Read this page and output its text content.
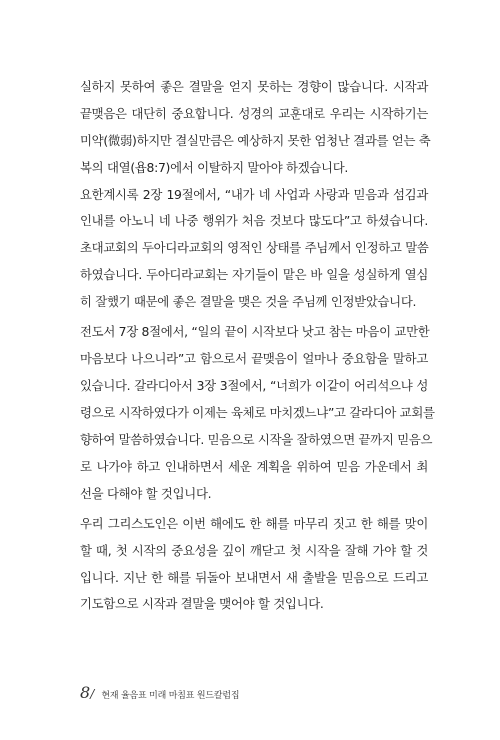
실하지 못하여 좋은 결말을 얻지 못하는 경향이 많습니다. 시작과
끝맺음은 대단히 중요합니다. 성경의 교훈대로 우리는 시작하기는
미약(微弱)하지만 결실만큼은 예상하지 못한 엄청난 결과를 얻는 축
복의 대열(욥8:7)에서 이탈하지 말아야 하겠습니다.
요한계시록 2장 19절에서, “내가 네 사업과 사랑과 믿음과 섬김과
인내를 아노니 네 나중 행위가 처음 것보다 많도다”고 하셨습니다.
초대교회의 두아디라교회의 영적인 상태를 주님께서 인정하고 말씀
하였습니다. 두아디라교회는 자기들이 맡은 바 일을 성실하게 열심
히 잘했기 때문에 좋은 결말을 맺은 것을 주님께 인정받았습니다.
전도서 7장 8절에서, “일의 끝이 시작보다 낫고 참는 마음이 교만한
마음보다 나으니라”고 함으로서 끝맺음이 얼마나 중요함을 말하고
있습니다. 갈라디아서 3장 3절에서, “너희가 이같이 어리석으냐 성
령으로 시작하였다가 이제는 육체로 마치겠느냐”고 갈라디아 교회를
향하여 말씀하였습니다. 믿음으로 시작을 잘하였으면 끝까지 믿음으
로 나가야 하고 인내하면서 세운 계획을 위하여 믿음 가운데서 최
선을 다해야 할 것입니다.
우리 그리스도인은 이번 해에도 한 해를 마무리 짓고 한 해를 맞이
할 때, 첫 시작의 중요성을 깊이 깨닫고 첫 시작을 잘해 가야 할 것
입니다. 지난 한 해를 뒤돌아 보내면서 새 출발을 믿음으로 드리고
기도함으로 시작과 결말을 맺어야 할 것입니다.
8/ 현재 율음표 미래 마침표 원드칼럼집
